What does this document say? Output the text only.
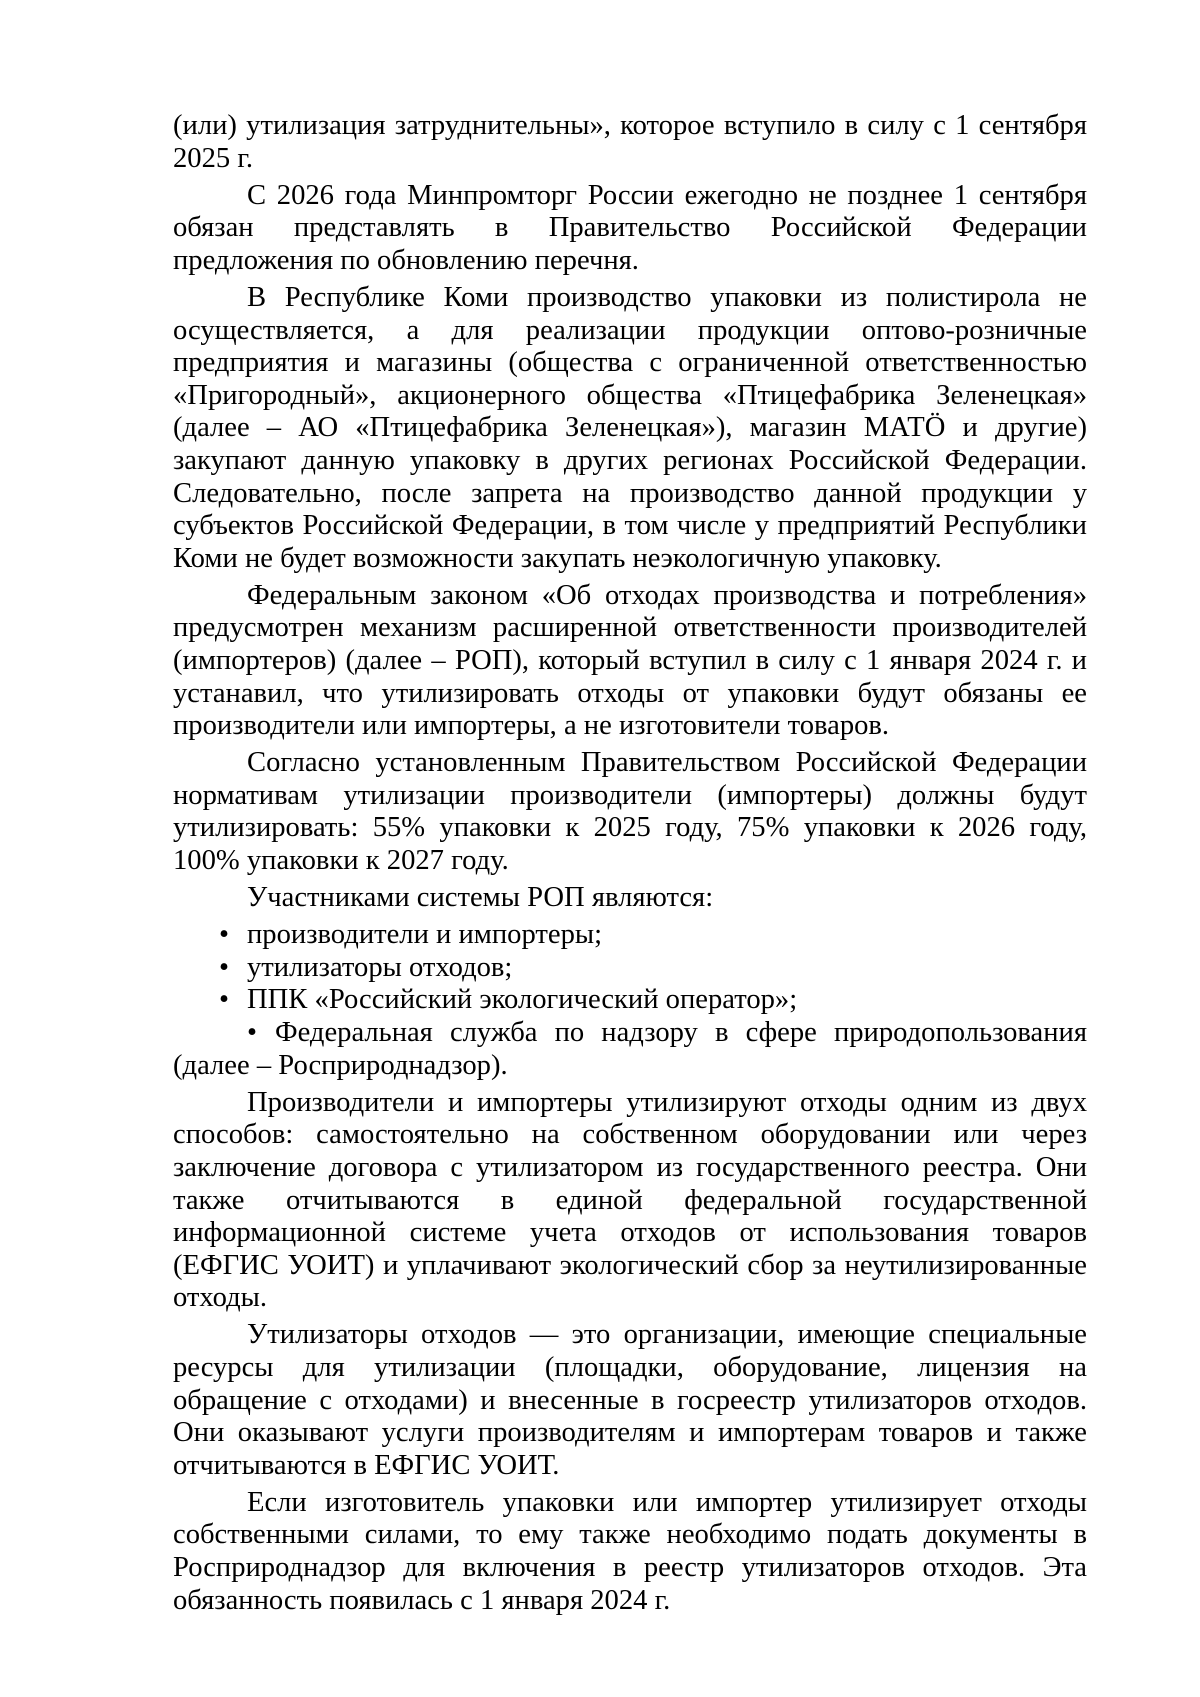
(или) утилизация затруднительны», которое вступило в силу с 1 сентября 2025 г.

С 2026 года Минпромторг России ежегодно не позднее 1 сентября обязан представлять в Правительство Российской Федерации предложения по обновлению перечня.

В Республике Коми производство упаковки из полистирола не осуществляется, а для реализации продукции оптово-розничные предприятия и магазины (общества с ограниченной ответственностью «Пригородный», акционерного общества «Птицефабрика Зеленецкая» (далее – АО «Птицефабрика Зеленецкая»), магазин МАТӦ и другие) закупают данную упаковку в других регионах Российской Федерации. Следовательно, после запрета на производство данной продукции у субъектов Российской Федерации, в том числе у предприятий Республики Коми не будет возможности закупать неэкологичную упаковку.

Федеральным законом «Об отходах производства и потребления» предусмотрен механизм расширенной ответственности производителей (импортеров) (далее – РОП), который вступил в силу с 1 января 2024 г. и устанавил, что утилизировать отходы от упаковки будут обязаны ее производители или импортеры, а не изготовители товаров.

Согласно установленным Правительством Российской Федерации нормативам утилизации производители (импортеры) должны будут утилизировать: 55% упаковки к 2025 году, 75% упаковки к 2026 году, 100% упаковки к 2027 году.

Участниками системы РОП являются:

• производители и импортеры;
• утилизаторы отходов;
• ППК «Российский экологический оператор»;
• Федеральная служба по надзору в сфере природопользования (далее – Росприроднадзор).

Производители и импортеры утилизируют отходы одним из двух способов: самостоятельно на собственном оборудовании или через заключение договора с утилизатором из государственного реестра. Они также отчитываются в единой федеральной государственной информационной системе учета отходов от использования товаров (ЕФГИС УОИТ) и уплачивают экологический сбор за неутилизированные отходы.

Утилизаторы отходов — это организации, имеющие специальные ресурсы для утилизации (площадки, оборудование, лицензия на обращение с отходами) и внесенные в госреестр утилизаторов отходов. Они оказывают услуги производителям и импортерам товаров и также отчитываются в ЕФГИС УОИТ.

Если изготовитель упаковки или импортер утилизирует отходы собственными силами, то ему также необходимо подать документы в Росприроднадзор для включения в реестр утилизаторов отходов. Эта обязанность появилась с 1 января 2024 г.
